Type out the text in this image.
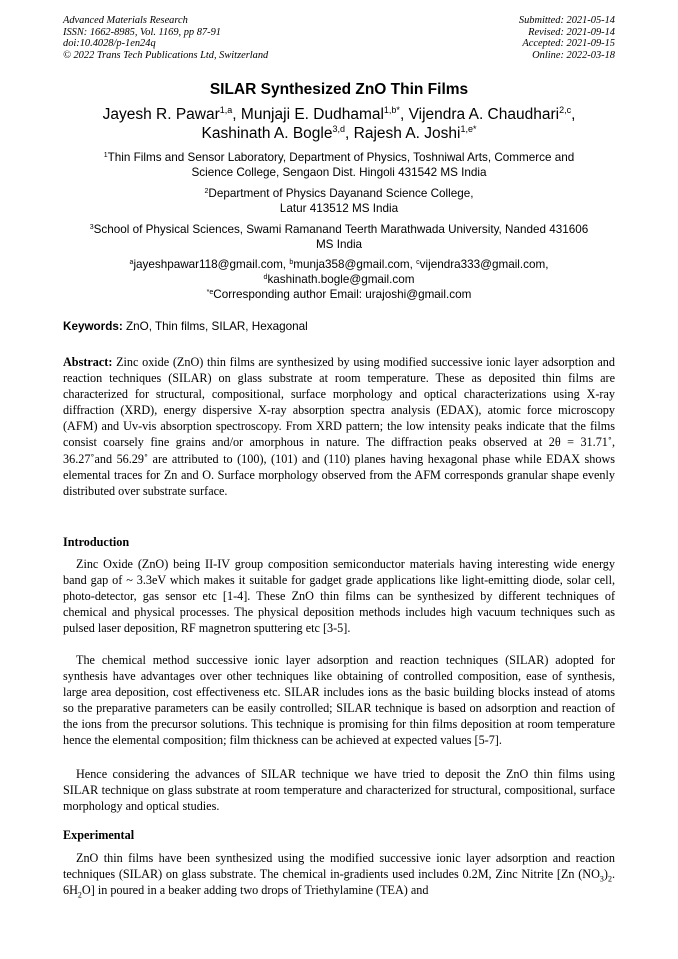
Advanced Materials Research
ISSN: 1662-8985, Vol. 1169, pp 87-91
doi:10.4028/p-1en24q
© 2022 Trans Tech Publications Ltd, Switzerland
Submitted: 2021-05-14
Revised: 2021-09-14
Accepted: 2021-09-15
Online: 2022-03-18
SILAR Synthesized ZnO Thin Films
Jayesh R. Pawar$^{1,a}$, Munjaji E. Dudhamal$^{1,b*}$, Vijendra A. Chaudhari$^{2,c}$,
Kashinath A. Bogle$^{3,d}$, Rajesh A. Joshi$^{1,e*}$
$^1$Thin Films and Sensor Laboratory, Department of Physics, Toshniwal Arts, Commerce and
Science College, Sengaon Dist. Hingoli 431542 MS India
$^2$Department of Physics Dayanand Science College,
Latur 413512 MS India
$^3$School of Physical Sciences, Swami Ramanand Teerth Marathwada University, Nanded 431606
MS India
$^a$jayeshpawar118@gmail.com, $^b$munja358@gmail.com, $^c$vijendra333@gmail.com,
$^d$kashinath.bogle@gmail.com
$^{*e}$Corresponding author Email: urajoshi@gmail.com
Keywords: ZnO, Thin films, SILAR, Hexagonal
Abstract: Zinc oxide (ZnO) thin films are synthesized by using modified successive ionic layer adsorption and reaction techniques (SILAR) on glass substrate at room temperature. These as deposited thin films are characterized for structural, compositional, surface morphology and optical characterizations using X-ray diffraction (XRD), energy dispersive X-ray absorption spectra analysis (EDAX), atomic force microscopy (AFM) and Uv-vis absorption spectroscopy. From XRD pattern; the low intensity peaks indicate that the films consist coarsely fine grains and/or amorphous in nature. The diffraction peaks observed at 2θ = 31.71˚, 36.27˚and 56.29˚ are attributed to (100), (101) and (110) planes having hexagonal phase while EDAX shows elemental traces for Zn and O. Surface morphology observed from the AFM corresponds granular shape evenly distributed over substrate surface.
Introduction
Zinc Oxide (ZnO) being II-IV group composition semiconductor materials having interesting wide energy band gap of ~ 3.3eV which makes it suitable for gadget grade applications like light-emitting diode, solar cell, photo-detector, gas sensor etc [1-4]. These ZnO thin films can be synthesized by different techniques of chemical and physical processes. The physical deposition methods includes high vacuum techniques such as pulsed laser deposition, RF magnetron sputtering etc [3-5].
The chemical method successive ionic layer adsorption and reaction techniques (SILAR) adopted for synthesis have advantages over other techniques like obtaining of controlled composition, ease of synthesis, large area deposition, cost effectiveness etc. SILAR includes ions as the basic building blocks instead of atoms so the preparative parameters can be easily controlled; SILAR technique is based on adsorption and reaction of the ions from the precursor solutions. This technique is promising for thin films deposition at room temperature hence the elemental composition; film thickness can be achieved at expected values [5-7].
Hence considering the advances of SILAR technique we have tried to deposit the ZnO thin films using SILAR technique on glass substrate at room temperature and characterized for structural, compositional, surface morphology and optical studies.
Experimental
ZnO thin films have been synthesized using the modified successive ionic layer adsorption and reaction techniques (SILAR) on glass substrate. The chemical in-gradients used includes 0.2M, Zinc Nitrite [Zn $(NO_3)_2$. $6H_2O$] in poured in a beaker adding two drops of Triethylamine (TEA) and
